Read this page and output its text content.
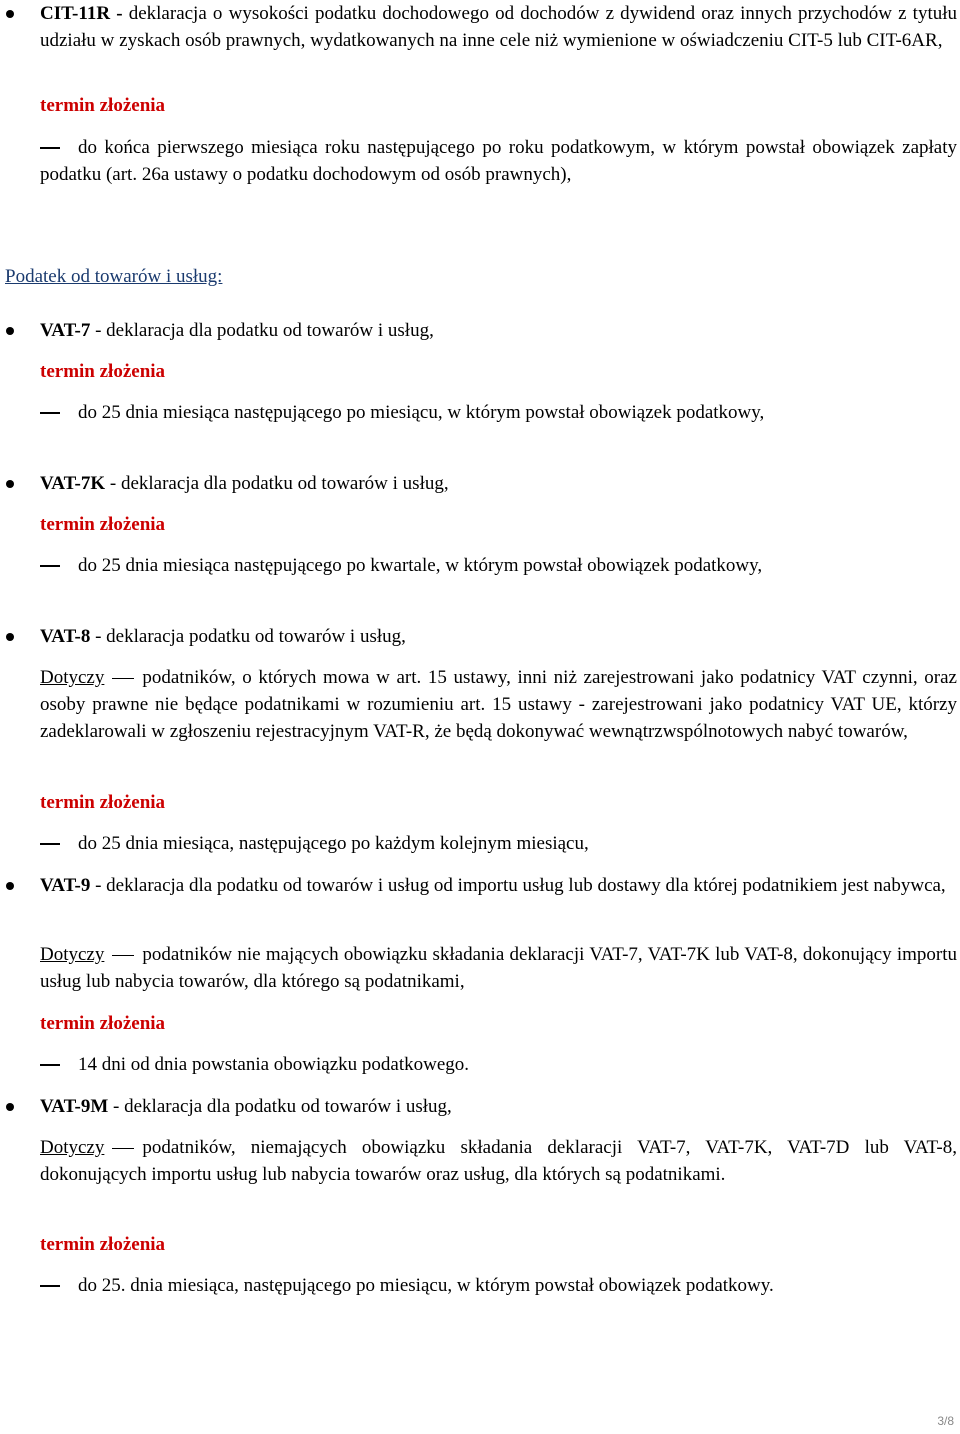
CIT-11R - deklaracja o wysokości podatku dochodowego od dochodów z dywidend oraz innych przychodów z tytułu udziału w zyskach osób prawnych, wydatkowanych na inne cele niż wymienione w oświadczeniu CIT-5 lub CIT-6AR,
termin złożenia
do końca pierwszego miesiąca roku następującego po roku podatkowym, w którym powstał obowiązek zapłaty podatku (art. 26a ustawy o podatku dochodowym od osób prawnych),
Podatek od towarów i usług:
VAT-7 - deklaracja dla podatku od towarów i usług,
termin złożenia
do 25 dnia miesiąca następującego po miesiącu, w którym powstał obowiązek podatkowy,
VAT-7K - deklaracja dla podatku od towarów i usług,
termin złożenia
do 25 dnia miesiąca następującego po kwartale, w którym powstał obowiązek podatkowy,
VAT-8 - deklaracja podatku od towarów i usług,
Dotyczy podatników, o których mowa w art. 15 ustawy, inni niż zarejestrowani jako podatnicy VAT czynni, oraz osoby prawne nie będące podatnikami w rozumieniu art. 15 ustawy - zarejestrowani jako podatnicy VAT UE, którzy zadeklarowali w zgłoszeniu rejestracyjnym VAT-R, że będą dokonywać wewnątrzwspólnotowych nabyć towarów,
termin złożenia
do 25 dnia miesiąca, następującego po każdym kolejnym miesiącu,
VAT-9 - deklaracja dla podatku od towarów i usług od importu usług lub dostawy dla której podatnikiem jest nabywca,
Dotyczy podatników nie mających obowiązku składania deklaracji VAT-7, VAT-7K lub VAT-8, dokonujący importu usług lub nabycia towarów, dla którego są podatnikami,
termin złożenia
14 dni od dnia powstania obowiązku podatkowego.
VAT-9M - deklaracja dla podatku od towarów i usług,
Dotyczy podatników, niemających obowiązku składania deklaracji VAT-7, VAT-7K, VAT-7D lub VAT-8, dokonujących importu usług lub nabycia towarów oraz usług, dla których są podatnikami.
termin złożenia
do 25. dnia miesiąca, następującego po miesiącu, w którym powstał obowiązek podatkowy.
3/8
